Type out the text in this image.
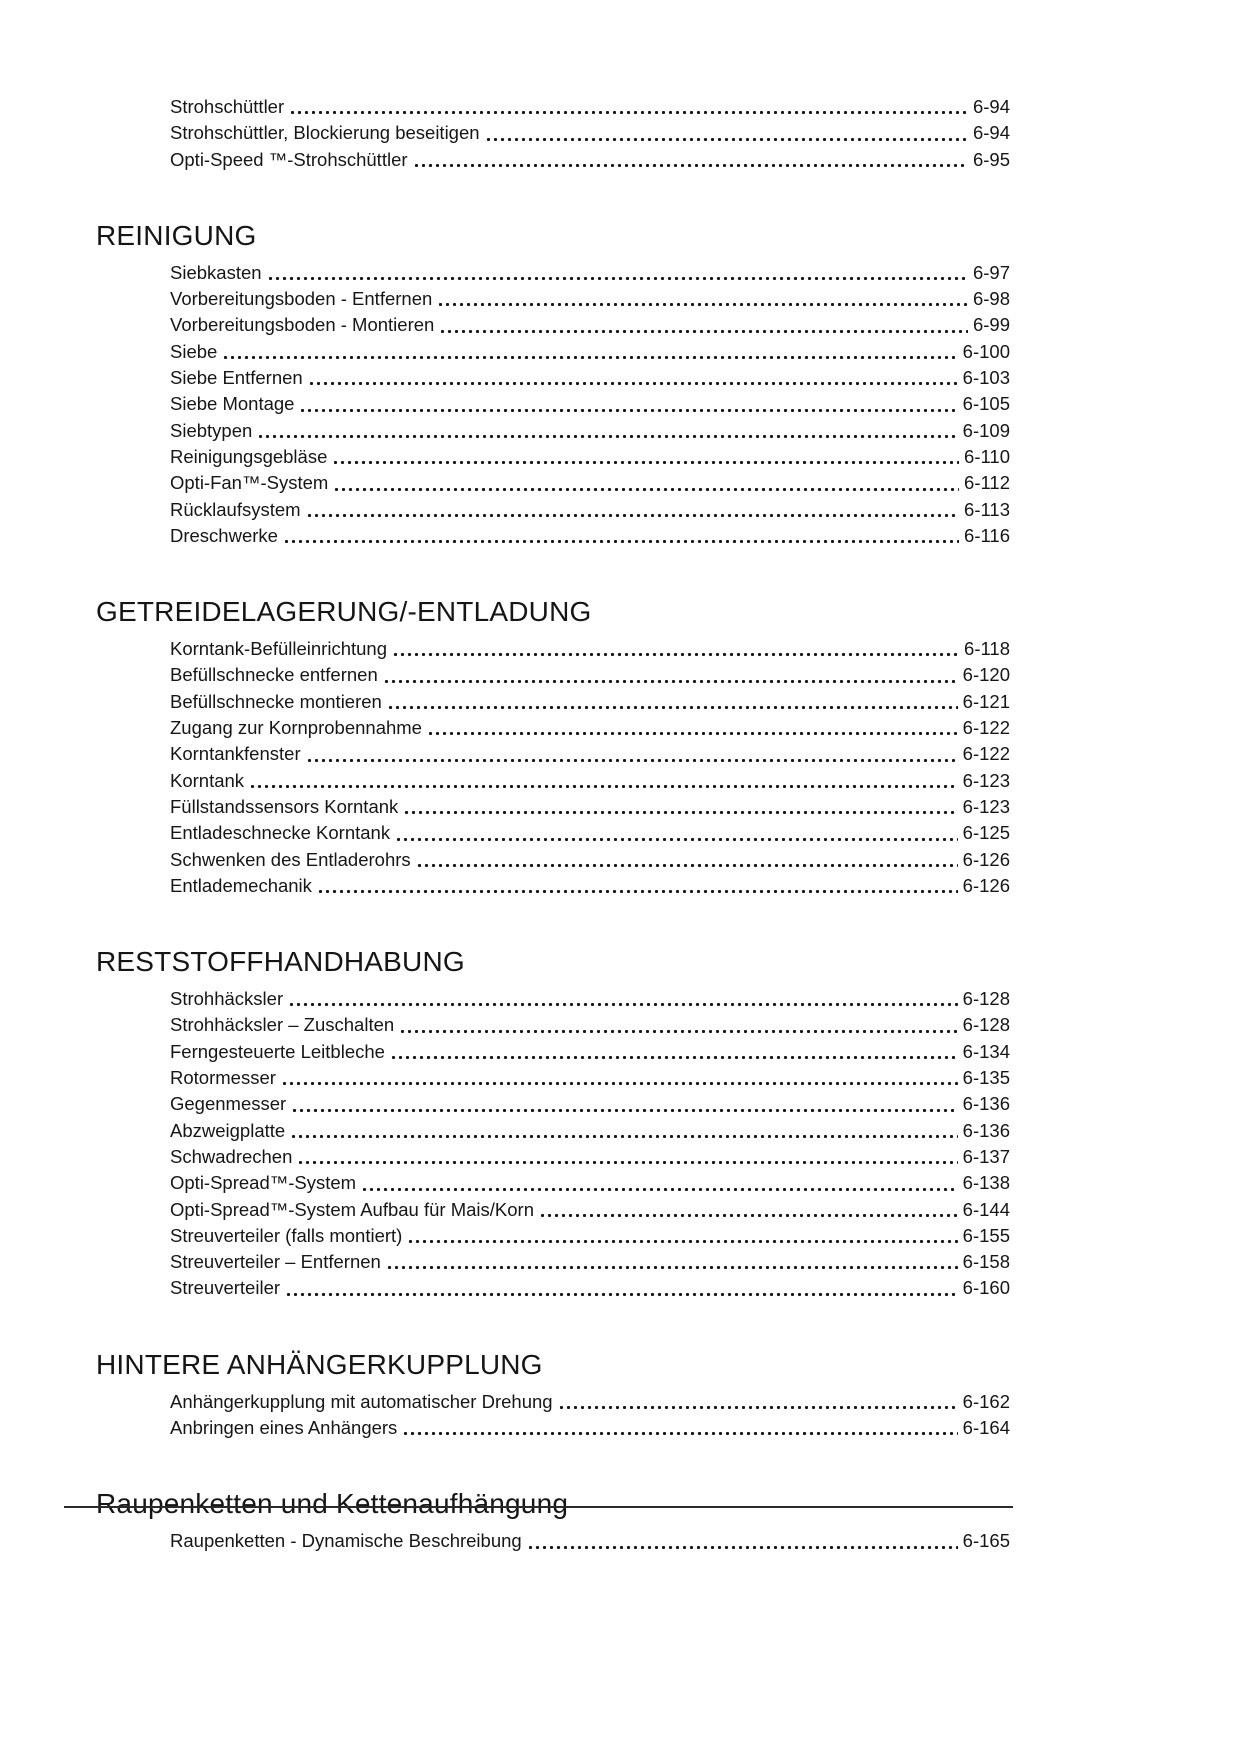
Strohschüttler	6-94
Strohschüttler, Blockierung beseitigen	6-94
Opti-Speed ™-Strohschüttler	6-95
REINIGUNG
Siebkasten	6-97
Vorbereitungsboden - Entfernen	6-98
Vorbereitungsboden - Montieren	6-99
Siebe	6-100
Siebe Entfernen	6-103
Siebe Montage	6-105
Siebtypen	6-109
Reinigungsgebläse	6-110
Opti-Fan™-System	6-112
Rücklaufsystem	6-113
Dreschwerke	6-116
GETREIDELAGERUNG/-ENTLADUNG
Korntank-Befülleinrichtung	6-118
Befüllschnecke entfernen	6-120
Befüllschnecke montieren	6-121
Zugang zur Kornprobennahme	6-122
Korntankfenster	6-122
Korntank	6-123
Füllstandssensors Korntank	6-123
Entladeschnecke Korntank	6-125
Schwenken des Entladerohrs	6-126
Entlademechanik	6-126
RESTSTOFFHANDHABUNG
Strohhäcksler	6-128
Strohhäcksler – Zuschalten	6-128
Ferngesteuerte Leitbleche	6-134
Rotormesser	6-135
Gegenmesser	6-136
Abzweigplatte	6-136
Schwadrechen	6-137
Opti-Spread™-System	6-138
Opti-Spread™-System Aufbau für Mais/Korn	6-144
Streuverteiler (falls montiert)	6-155
Streuverteiler – Entfernen	6-158
Streuverteiler	6-160
HINTERE ANHÄNGERKUPPLUNG
Anhängerkupplung mit automatischer Drehung	6-162
Anbringen eines Anhängers	6-164
Raupenketten und Kettenaufhängung
Raupenketten - Dynamische Beschreibung	6-165
